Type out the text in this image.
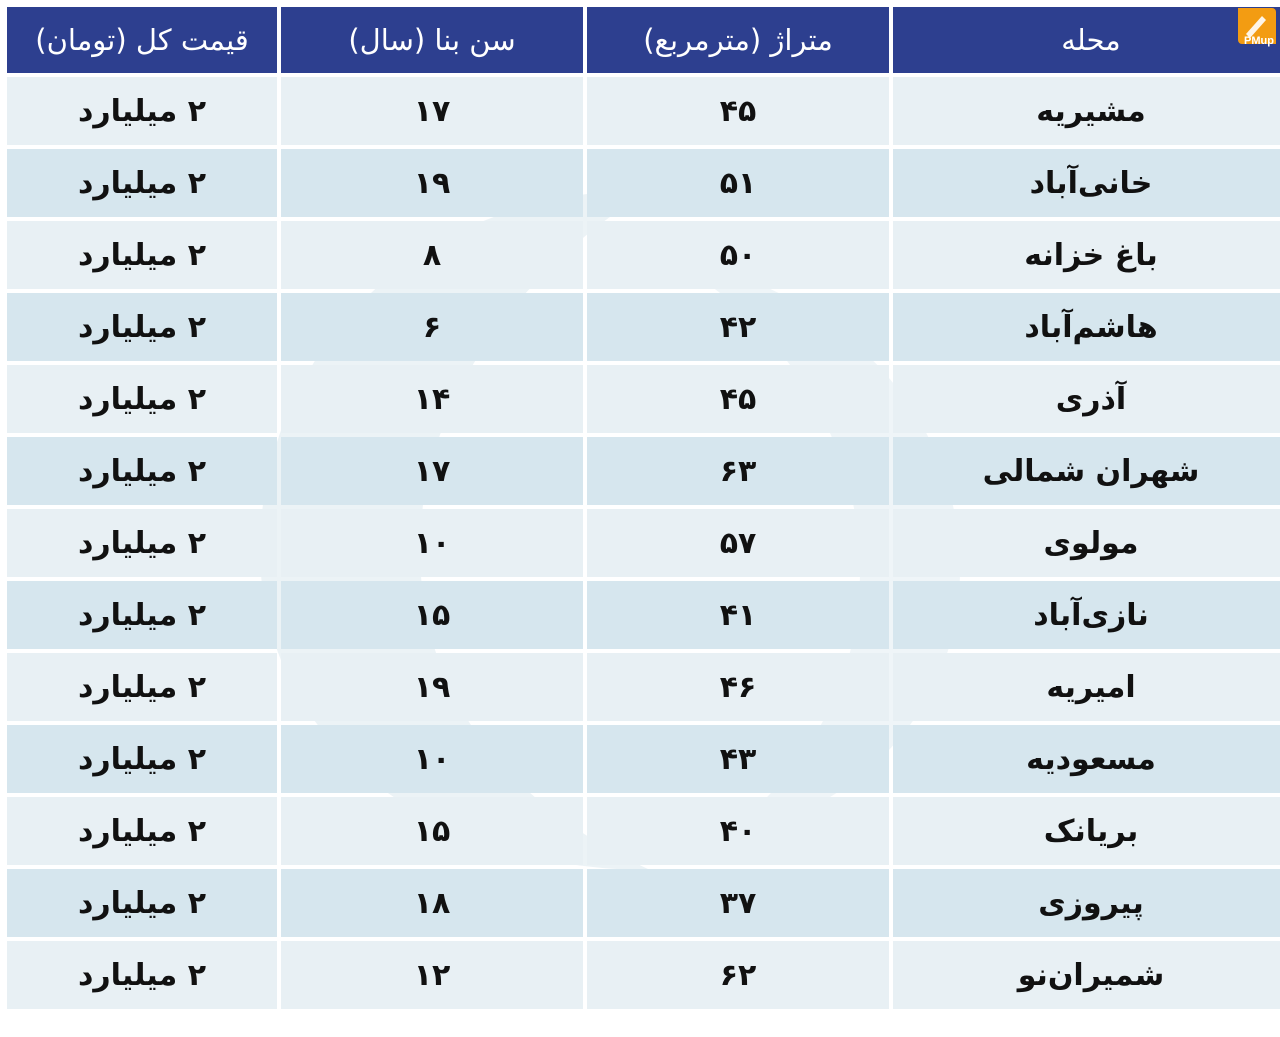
محله	متراژ (مترمربع)	سن بنا (سال)	قیمت کل (تومان)
مشیریه	۴۵	۱۷	۲ میلیارد
خانی‌آباد	۵۱	۱۹	۲ میلیارد
باغ خزانه	۵۰	۸	۲ میلیارد
هاشم‌آباد	۴۲	۶	۲ میلیارد
آذری	۴۵	۱۴	۲ میلیارد
شهران شمالی	۶۳	۱۷	۲ میلیارد
مولوی	۵۷	۱۰	۲ میلیارد
نازی‌آباد	۴۱	۱۵	۲ میلیارد
امیریه	۴۶	۱۹	۲ میلیارد
مسعودیه	۴۳	۱۰	۲ میلیارد
بریانک	۴۰	۱۵	۲ میلیارد
پیروزی	۳۷	۱۸	۲ میلیارد
شمیران‌نو	۶۲	۱۲	۲ میلیارد
PMup
